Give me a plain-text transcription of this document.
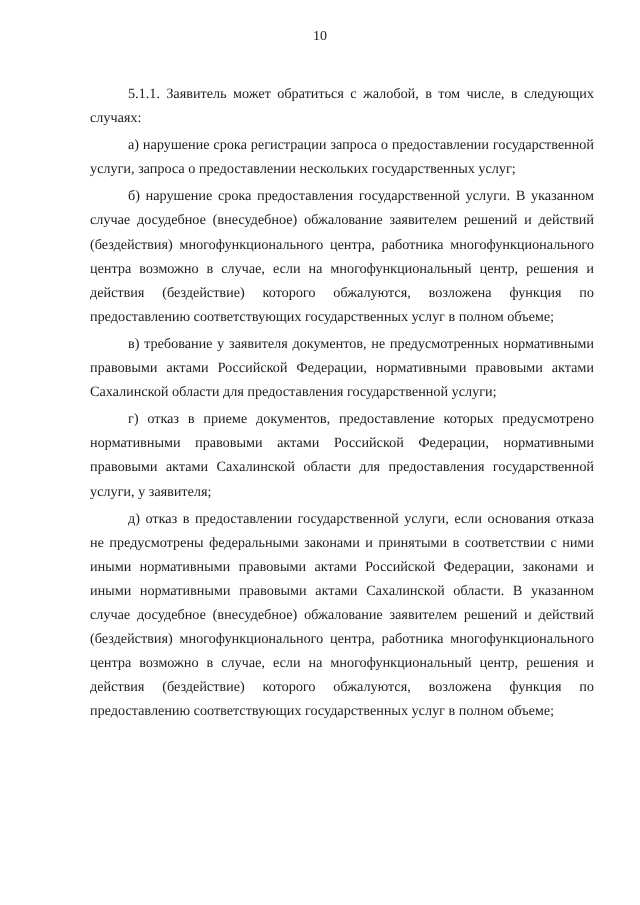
10

5.1.1. Заявитель может обратиться с жалобой, в том числе, в следующих случаях:

а) нарушение срока регистрации запроса о предоставлении государственной услуги, запроса о предоставлении нескольких государственных услуг;

б) нарушение срока предоставления государственной услуги. В указанном случае досудебное (внесудебное) обжалование заявителем решений и действий (бездействия) многофункционального центра, работника многофункционального центра возможно в случае, если на многофункциональный центр, решения и действия (бездействие) которого обжалуются, возложена функция по предоставлению соответствующих государственных услуг в полном объеме;

в) требование у заявителя документов, не предусмотренных нормативными правовыми актами Российской Федерации, нормативными правовыми актами Сахалинской области для предоставления государственной услуги;

г) отказ в приеме документов, предоставление которых предусмотрено нормативными правовыми актами Российской Федерации, нормативными правовыми актами Сахалинской области для предоставления государственной услуги, у заявителя;

д) отказ в предоставлении государственной услуги, если основания отказа не предусмотрены федеральными законами и принятыми в соответствии с ними иными нормативными правовыми актами Российской Федерации, законами и иными нормативными правовыми актами Сахалинской области. В указанном случае досудебное (внесудебное) обжалование заявителем решений и действий (бездействия) многофункционального центра, работника многофункционального центра возможно в случае, если на многофункциональный центр, решения и действия (бездействие) которого обжалуются, возложена функция по предоставлению соответствующих государственных услуг в полном объеме;
